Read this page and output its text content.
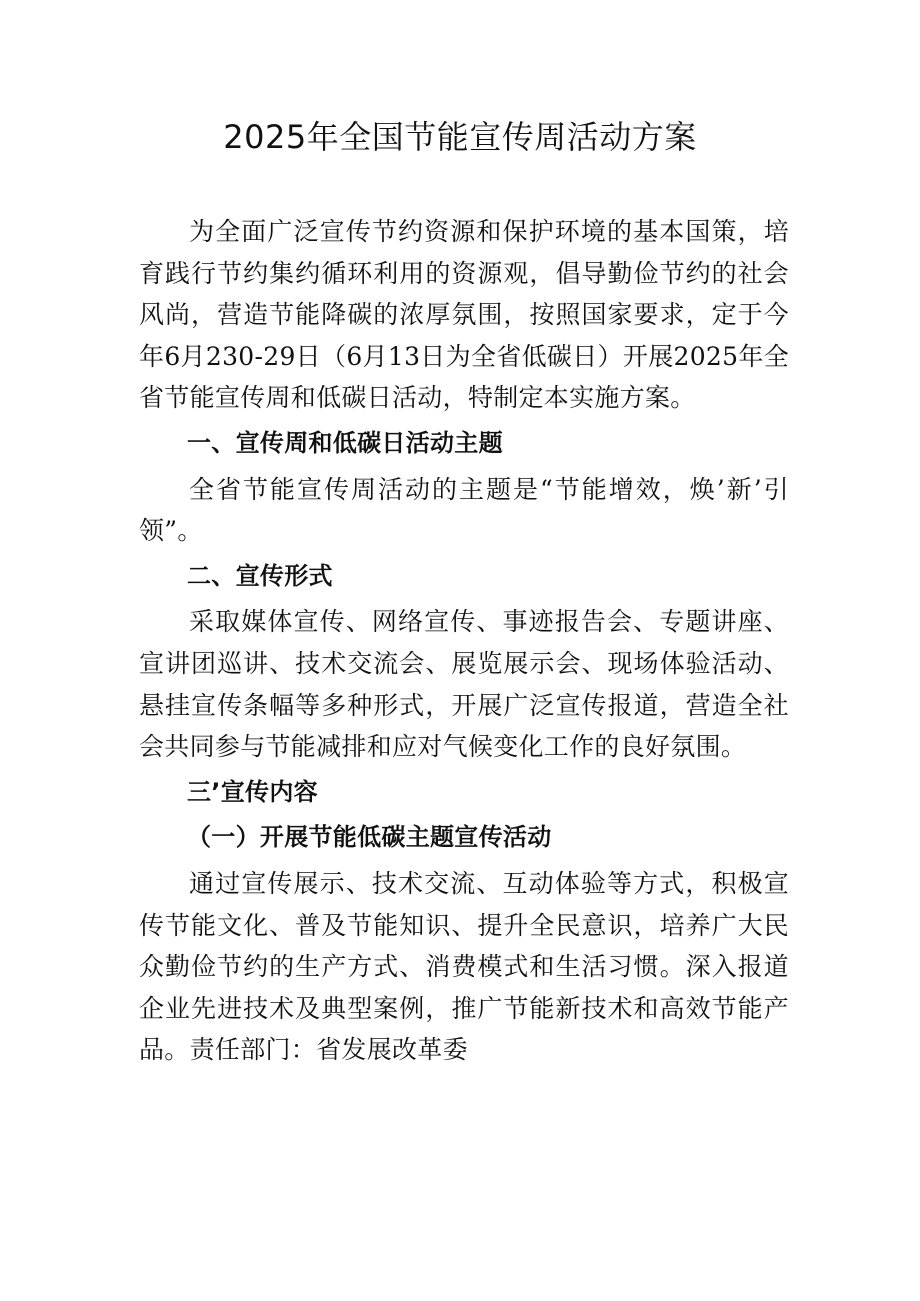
2025年全国节能宣传周活动方案

为全面广泛宣传节约资源和保护环境的基本国策，培育践行节约集约循环利用的资源观，倡导勤俭节约的社会风尚，营造节能降碳的浓厚氛围，按照国家要求，定于今年6月230-29日（6月13日为全省低碳日）开展2025年全省节能宣传周和低碳日活动，特制定本实施方案。

一、宣传周和低碳日活动主题

全省节能宣传周活动的主题是“节能增效，焕’新’引领”。

二、宣传形式

采取媒体宣传、网络宣传、事迹报告会、专题讲座、宣讲团巡讲、技术交流会、展览展示会、现场体验活动、悬挂宣传条幅等多种形式，开展广泛宣传报道，营造全社会共同参与节能减排和应对气候变化工作的良好氛围。

三’宣传内容

（一）开展节能低碳主题宣传活动

通过宣传展示、技术交流、互动体验等方式，积极宣传节能文化、普及节能知识、提升全民意识，培养广大民众勤俭节约的生产方式、消费模式和生活习惯。深入报道企业先进技术及典型案例，推广节能新技术和高效节能产品。责任部门：省发展改革委
